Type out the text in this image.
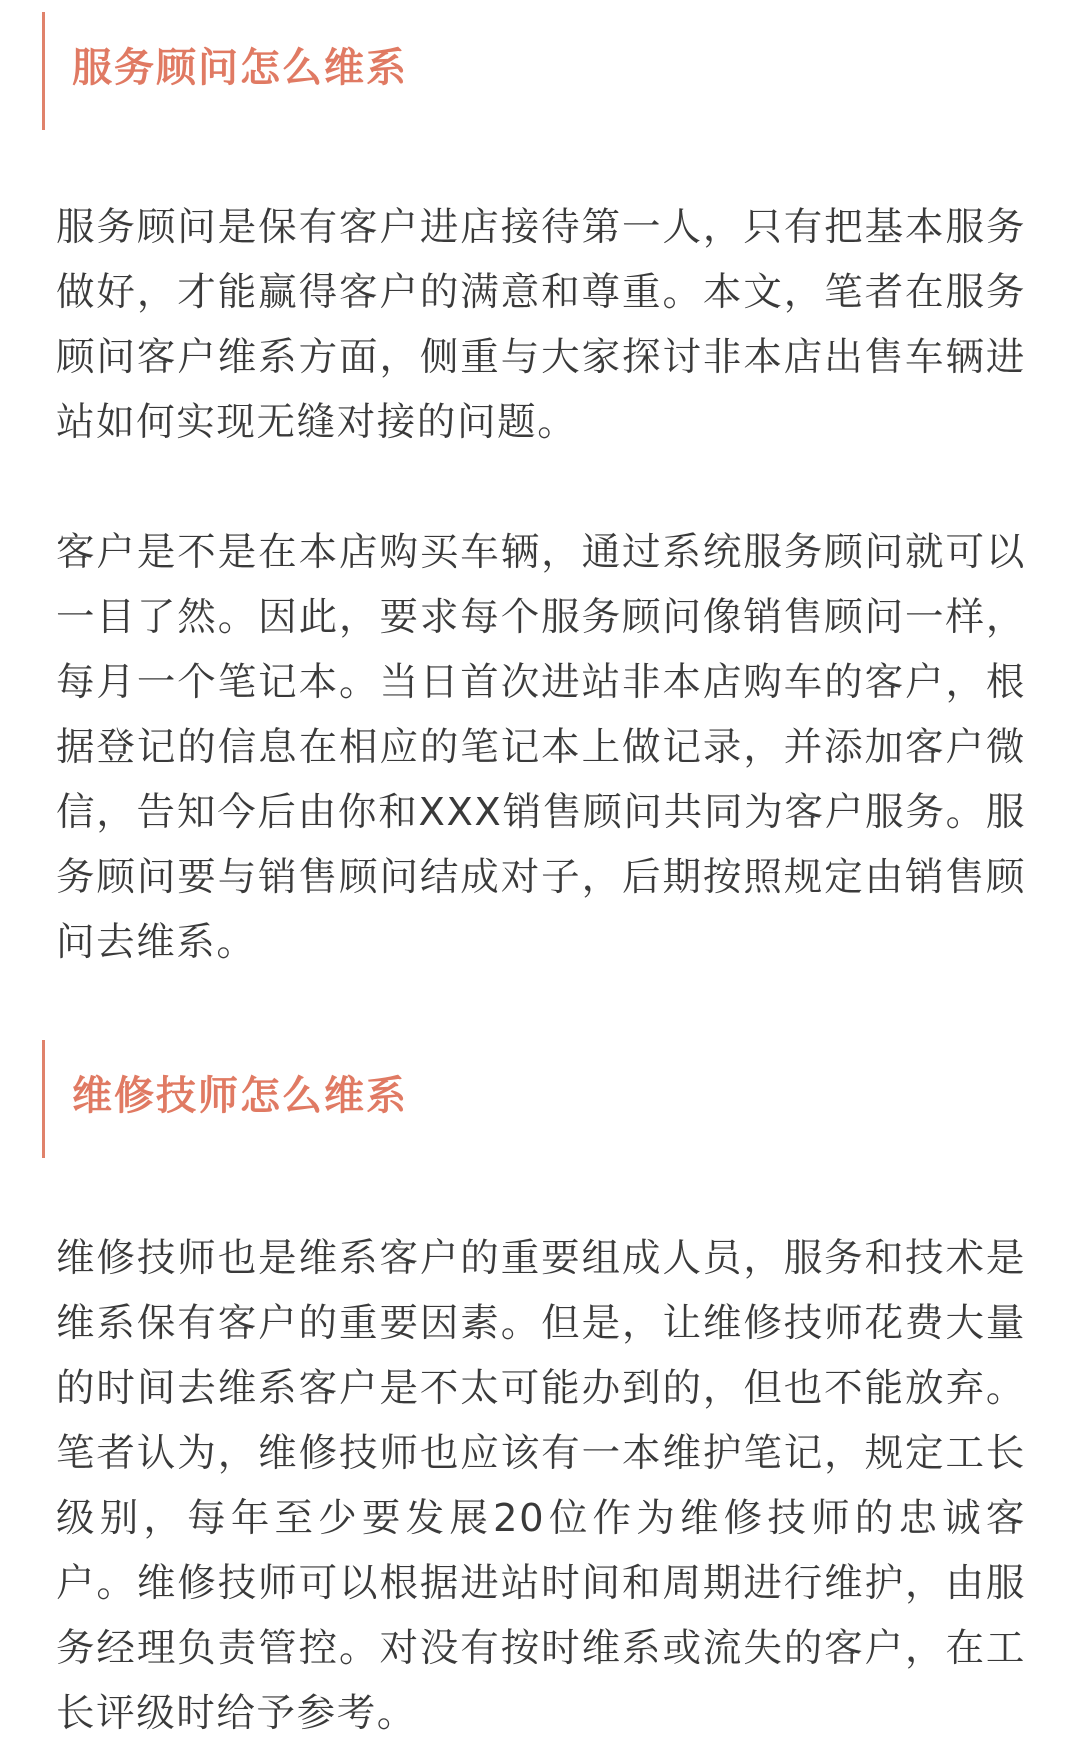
服务顾问怎么维系

服务顾问是保有客户进店接待第一人，只有把基本服务做好，才能赢得客户的满意和尊重。本文，笔者在服务顾问客户维系方面，侧重与大家探讨非本店出售车辆进站如何实现无缝对接的问题。

客户是不是在本店购买车辆，通过系统服务顾问就可以一目了然。因此，要求每个服务顾问像销售顾问一样，每月一个笔记本。当日首次进站非本店购车的客户，根据登记的信息在相应的笔记本上做记录，并添加客户微信，告知今后由你和XXX销售顾问共同为客户服务。服务顾问要与销售顾问结成对子，后期按照规定由销售顾问去维系。

维修技师怎么维系

维修技师也是维系客户的重要组成人员，服务和技术是维系保有客户的重要因素。但是，让维修技师花费大量的时间去维系客户是不太可能办到的，但也不能放弃。笔者认为，维修技师也应该有一本维护笔记，规定工长级别，每年至少要发展20位作为维修技师的忠诚客户。维修技师可以根据进站时间和周期进行维护，由服务经理负责管控。对没有按时维系或流失的客户，在工长评级时给予参考。
